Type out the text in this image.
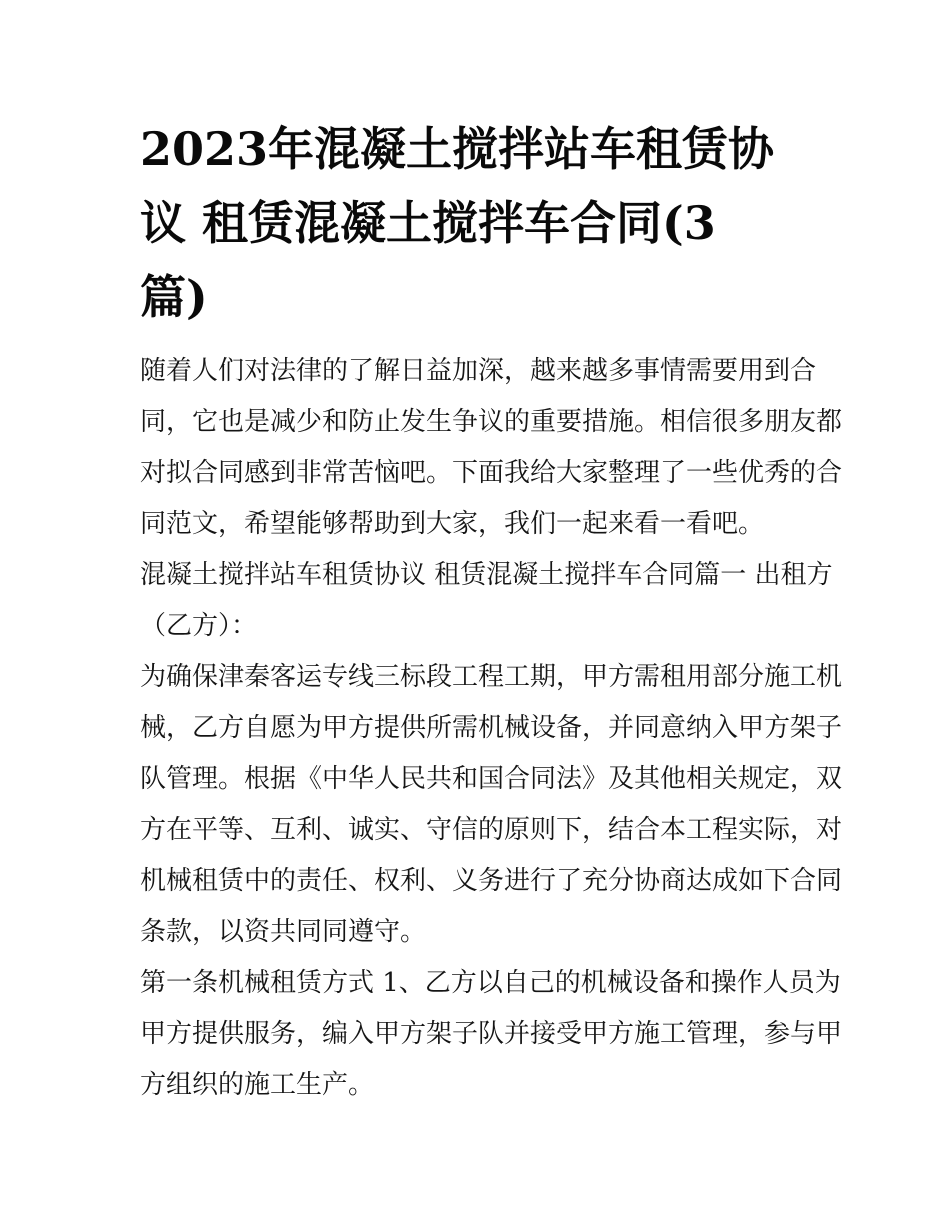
2023年混凝土搅拌站车租赁协
议 租赁混凝土搅拌车合同(3
篇)

随着人们对法律的了解日益加深，越来越多事情需要用到合
同，它也是减少和防止发生争议的重要措施。相信很多朋友都
对拟合同感到非常苦恼吧。下面我给大家整理了一些优秀的合
同范文，希望能够帮助到大家，我们一起来看一看吧。

混凝土搅拌站车租赁协议 租赁混凝土搅拌车合同篇一 出租方
（乙方）：

为确保津秦客运专线三标段工程工期，甲方需租用部分施工机
械，乙方自愿为甲方提供所需机械设备，并同意纳入甲方架子
队管理。根据《中华人民共和国合同法》及其他相关规定，双
方在平等、互利、诚实、守信的原则下，结合本工程实际，对
机械租赁中的责任、权利、义务进行了充分协商达成如下合同
条款，以资共同同遵守。

第一条机械租赁方式 1、乙方以自己的机械设备和操作人员为
甲方提供服务，编入甲方架子队并接受甲方施工管理，参与甲
方组织的施工生产。
